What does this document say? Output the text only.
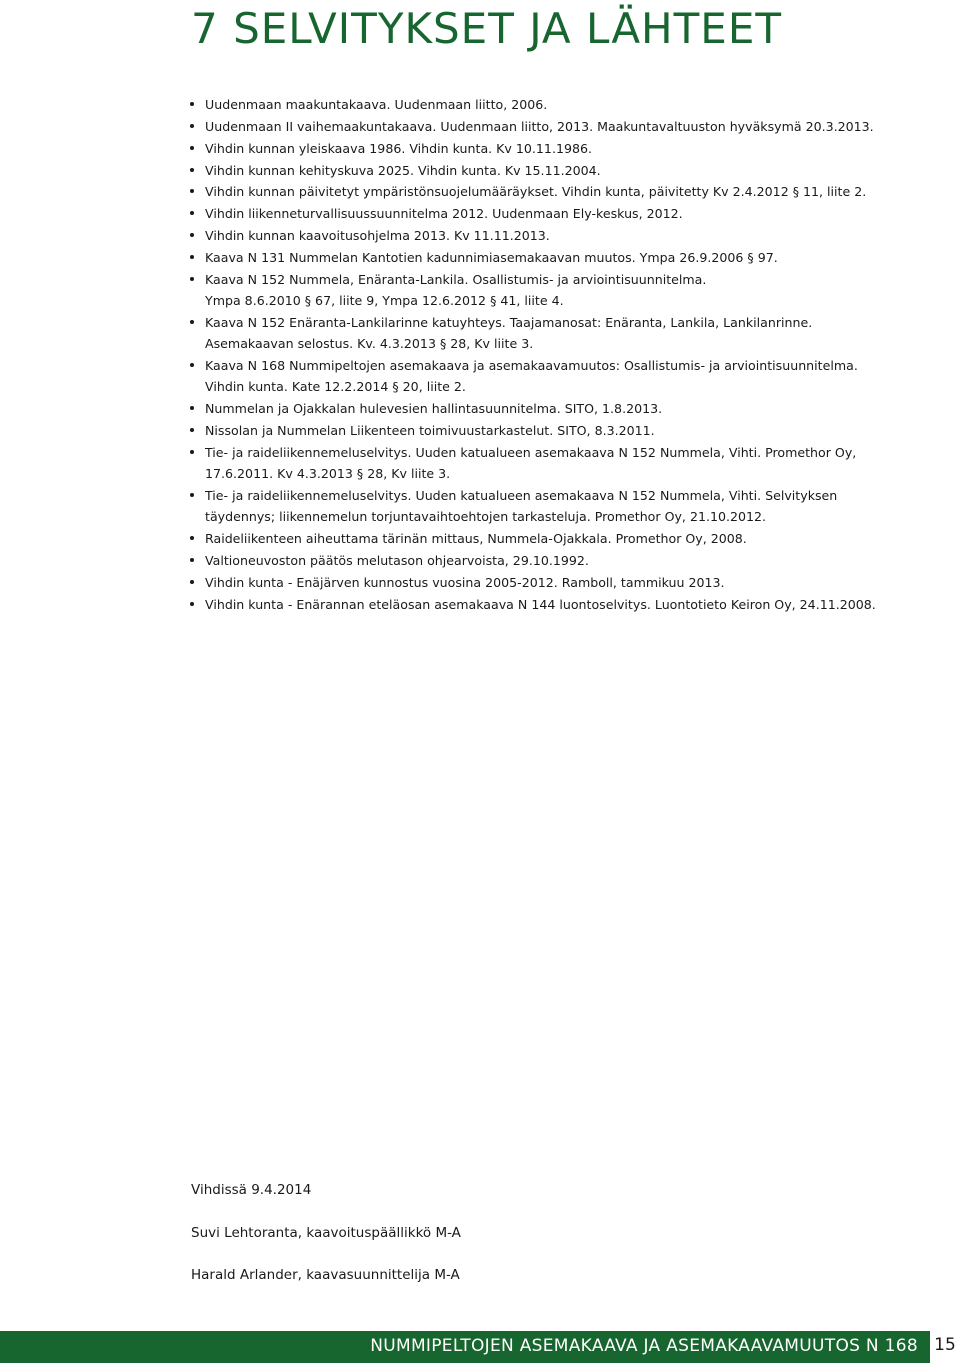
7 SELVITYKSET JA LÄHTEET
Uudenmaan maakuntakaava. Uudenmaan liitto, 2006.
Uudenmaan II vaihemaakuntakaava. Uudenmaan liitto, 2013. Maakuntavaltuuston hyväksymä 20.3.2013.
Vihdin kunnan yleiskaava 1986. Vihdin kunta. Kv 10.11.1986.
Vihdin kunnan kehityskuva 2025. Vihdin kunta. Kv 15.11.2004.
Vihdin kunnan päivitetyt ympäristönsuojelumääräykset. Vihdin kunta, päivitetty Kv 2.4.2012 § 11, liite 2.
Vihdin liikenneturvallisuussuunnitelma 2012. Uudenmaan Ely-keskus, 2012.
Vihdin kunnan kaavoitusohjelma 2013. Kv 11.11.2013.
Kaava N 131 Nummelan Kantotien kadunnimiasemakaavan muutos. Ympa 26.9.2006 § 97.
Kaava N 152 Nummela, Enäranta-Lankila. Osallistumis- ja arviointisuunnitelma.
Ympa 8.6.2010 § 67, liite 9, Ympa 12.6.2012 § 41, liite 4.
Kaava N 152 Enäranta-Lankilarinne katuyhteys. Taajamanosat: Enäranta, Lankila, Lankilanrinne.
Asemakaavan selostus. Kv. 4.3.2013 § 28, Kv liite 3.
Kaava N 168 Nummipeltojen asemakaava ja asemakaavamuutos: Osallistumis- ja arviointisuunnitelma.
Vihdin kunta. Kate 12.2.2014 § 20, liite 2.
Nummelan ja Ojakkalan hulevesien hallintasuunnitelma. SITO, 1.8.2013.
Nissolan ja Nummelan Liikenteen toimivuustarkastelut. SITO, 8.3.2011.
Tie- ja raideliikennemeluselvitys. Uuden katualueen asemakaava N 152 Nummela, Vihti. Promethor Oy,
17.6.2011. Kv 4.3.2013 § 28, Kv liite 3.
Tie- ja raideliikennemeluselvitys. Uuden katualueen asemakaava N 152 Nummela, Vihti. Selvityksen
täydennys; liikennemelun torjuntavaihtoehtojen tarkasteluja. Promethor Oy, 21.10.2012.
Raideliikenteen aiheuttama tärinän mittaus, Nummela-Ojakkala. Promethor Oy, 2008.
Valtioneuvoston päätös melutason ohjearvoista, 29.10.1992.
Vihdin kunta - Enäjärven kunnostus vuosina 2005-2012. Ramboll, tammikuu 2013.
Vihdin kunta - Enärannan eteläosan asemakaava N 144 luontoselvitys. Luontotieto Keiron Oy, 24.11.2008.
Vihdissä 9.4.2014
Suvi Lehtoranta, kaavoituspäällikkö M-A
Harald Arlander, kaavasuunnittelija M-A
NUMMIPELTOJEN ASEMAKAAVA JA ASEMAKAAVAMUUTOS N 168 15
